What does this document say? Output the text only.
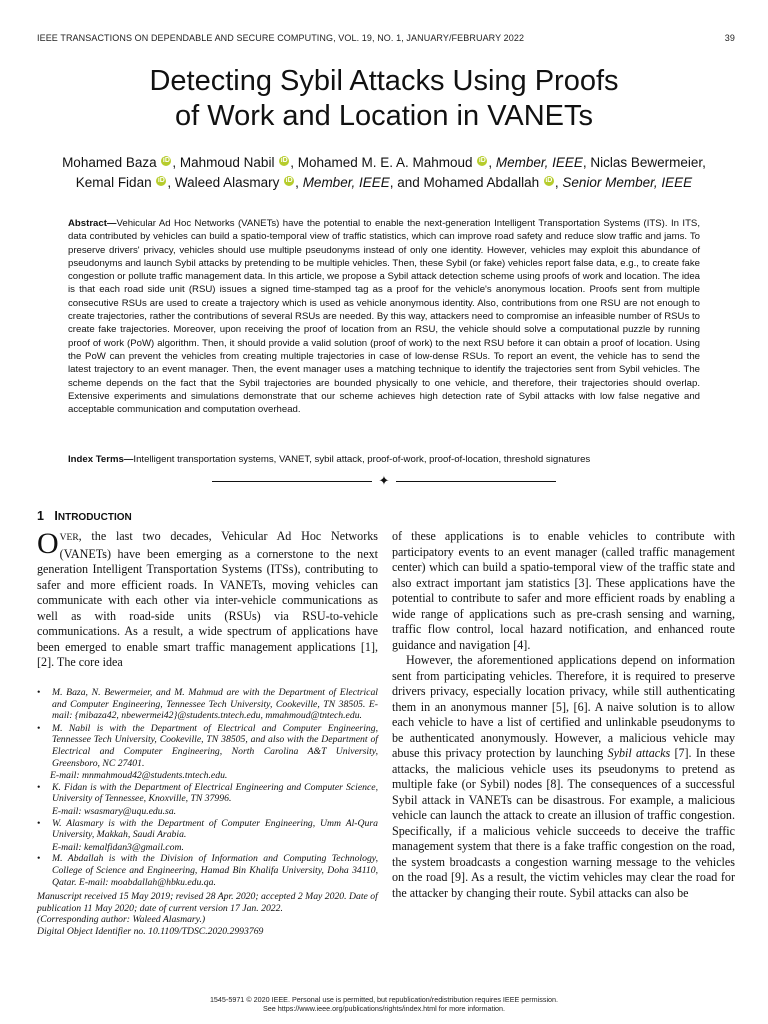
IEEE TRANSACTIONS ON DEPENDABLE AND SECURE COMPUTING, VOL. 19, NO. 1, JANUARY/FEBRUARY 2022	39
Detecting Sybil Attacks Using Proofs
of Work and Location in VANETs
Mohamed Baza iD , Mahmoud Nabil iD , Mohamed M. E. A. Mahmoud iD , Member, IEEE, Niclas Bewermeier,
Kemal Fidan iD , Waleed Alasmary iD , Member, IEEE, and Mohamed Abdallah iD , Senior Member, IEEE
Abstract—Vehicular Ad Hoc Networks (VANETs) have the potential to enable the next-generation Intelligent Transportation Systems (ITS). In ITS, data contributed by vehicles can build a spatio-temporal view of traffic statistics, which can improve road safety and reduce slow traffic and jams. To preserve drivers' privacy, vehicles should use multiple pseudonyms instead of only one identity. However, vehicles may exploit this abundance of pseudonyms and launch Sybil attacks by pretending to be multiple vehicles. Then, these Sybil (or fake) vehicles report false data, e.g., to create fake congestion or pollute traffic management data. In this article, we propose a Sybil attack detection scheme using proofs of work and location. The idea is that each road side unit (RSU) issues a signed time-stamped tag as a proof for the vehicle's anonymous location. Proofs sent from multiple consecutive RSUs are used to create a trajectory which is used as vehicle anonymous identity. Also, contributions from one RSU are not enough to create trajectories, rather the contributions of several RSUs are needed. By this way, attackers need to compromise an infeasible number of RSUs to create fake trajectories. Moreover, upon receiving the proof of location from an RSU, the vehicle should solve a computational puzzle by running proof of work (PoW) algorithm. Then, it should provide a valid solution (proof of work) to the next RSU before it can obtain a proof of location. Using the PoW can prevent the vehicles from creating multiple trajectories in case of low-dense RSUs. To report an event, the vehicle has to send the latest trajectory to an event manager. Then, the event manager uses a matching technique to identify the trajectories sent from Sybil vehicles. The scheme depends on the fact that the Sybil trajectories are bounded physically to one vehicle, and therefore, their trajectories should overlap. Extensive experiments and simulations demonstrate that our scheme achieves high detection rate of Sybil attacks with low false negative and acceptable communication and computation overhead.
Index Terms—Intelligent transportation systems, VANET, sybil attack, proof-of-work, proof-of-location, threshold signatures
✦
1 INTRODUCTION
OVER, the last two decades, Vehicular Ad Hoc Networks (VANETs) have been emerging as a cornerstone to the next generation Intelligent Transportation Systems (ITSs), contributing to safer and more efficient roads. In VANETs, moving vehicles can communicate with each other via inter-vehicle communications as well as with road-side units (RSUs) via RSU-to-vehicle communications. As a result, a wide spectrum of applications have been emerged to enable smart traffic management applications [1], [2]. The core idea
• M. Baza, N. Bewermeier, and M. Mahmud are with the Department of Electrical and Computer Engineering, Tennessee Tech University, Cookeville, TN 38505. E-mail: {mibaza42, nbewermei42}@students.tntech.edu, mmahmoud@tntech.edu.
• M. Nabil is with the Department of Electrical and Computer Engineering, Tennessee Tech University, Cookeville, TN 38505, and also with the Department of Electrical and Computer Engineering, North Carolina A&T University, Greensboro, NC 27401.
E-mail: mnmahmoud42@students.tntech.edu.
• K. Fidan is with the Department of Electrical Engineering and Computer Science, University of Tennessee, Knoxville, TN 37996.
E-mail: wsasmary@uqu.edu.sa.
• W. Alasmary is with the Department of Computer Engineering, Umm Al-Qura University, Makkah, Saudi Arabia.
E-mail: kemalfidan3@gmail.com.
• M. Abdallah is with the Division of Information and Computing Technology, College of Science and Engineering, Hamad Bin Khalifa University, Doha 34110, Qatar. E-mail: moabdallah@hbku.edu.qa.
Manuscript received 15 May 2019; revised 28 Apr. 2020; accepted 2 May 2020. Date of publication 11 May 2020; date of current version 17 Jan. 2022.
(Corresponding author: Waleed Alasmary.)
Digital Object Identifier no. 10.1109/TDSC.2020.2993769
of these applications is to enable vehicles to contribute with participatory events to an event manager (called traffic management center) which can build a spatio-temporal view of the traffic state and also extract important jam statistics [3]. These applications have the potential to contribute to safer and more efficient roads by enabling a wide range of applications such as pre-crash sensing and warning, traffic flow control, local hazard notification, and enhanced route guidance and navigation [4].
However, the aforementioned applications depend on information sent from participating vehicles. Therefore, it is required to preserve drivers privacy, especially location privacy, while still authenticating them in an anonymous manner [5], [6]. A naive solution is to allow each vehicle to have a list of certified and unlinkable pseudonyms to be authenticated anonymously. However, a malicious vehicle may abuse this privacy protection by launching Sybil attacks [7]. In these attacks, the malicious vehicle uses its pseudonyms to pretend as multiple fake (or Sybil) nodes [8]. The consequences of a successful Sybil attack in VANETs can be disastrous. For example, a malicious vehicle can launch the attack to create an illusion of traffic congestion. Specifically, if a malicious vehicle succeeds to deceive the traffic management system that there is a fake traffic congestion on the road, the system broadcasts a congestion warning message to the vehicles on the road [9]. As a result, the victim vehicles may clear the road for the attacker by changing their route. Sybil attacks can also be
1545-5971 © 2020 IEEE. Personal use is permitted, but republication/redistribution requires IEEE permission.
See https://www.ieee.org/publications/rights/index.html for more information.
